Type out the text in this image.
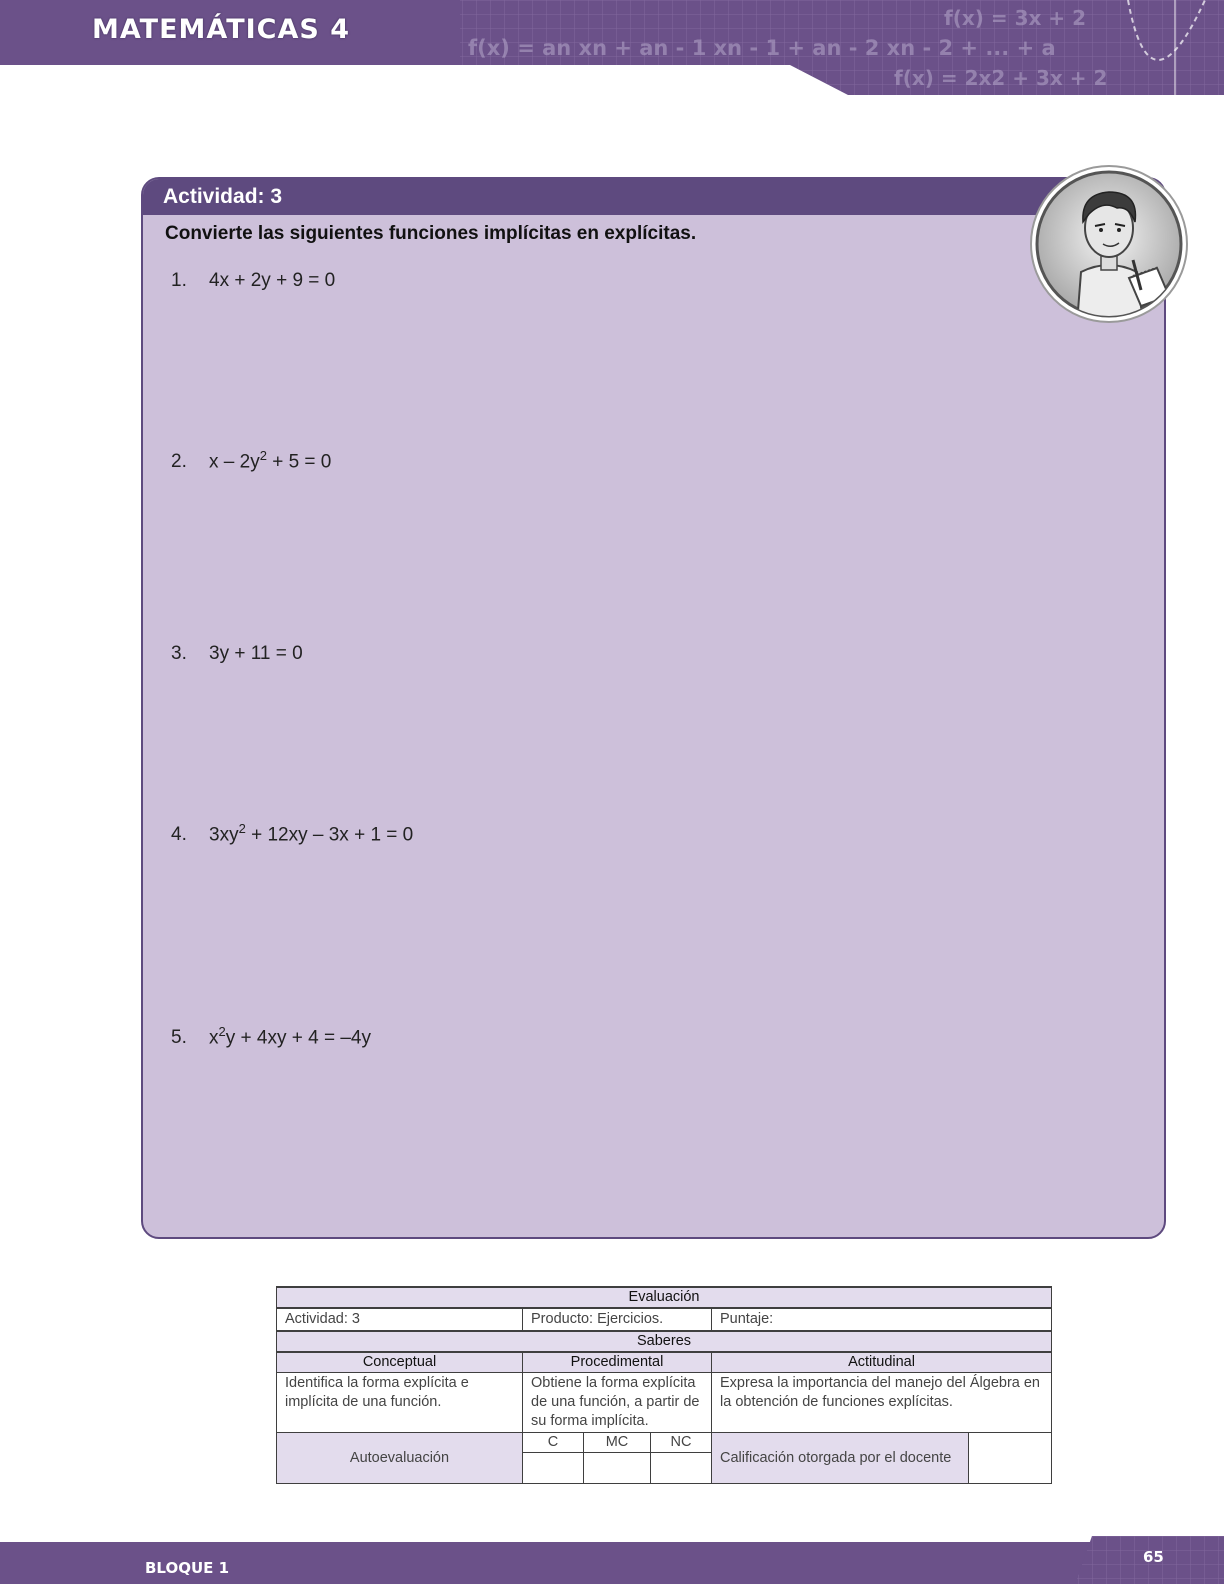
f(x) = 3x + 2
f(x) = an xn + an - 1 xn - 1 + an - 2 xn - 2 + ... + a
f(x) = 2x2 + 3x + 2
MATEMÁTICAS 4
Actividad: 3
Convierte las siguientes funciones implícitas en explícitas.
1. 4x + 2y + 9 = 0
2. $x - 2y^2 + 5 = 0$
3. 3y + 11 = 0
4. $3xy^2 + 12xy - 3x + 1 = 0$
5. $x^2y + 4xy + 4 = -4y$
Evaluación					
Actividad: 3	Producto: Ejercicios.			Puntaje:	
Saberes					
Conceptual	Procedimental			Actitudinal	
Identifica la forma explícita e implícita de una función.	Obtiene la forma explícita de una función, a partir de su forma implícita.			Expresa la importancia del manejo del Álgebra en la obtención de funciones explícitas.	
Autoevaluación	C	MC	NC	Calificación otorgada por el docente	

BLOQUE 1
65
